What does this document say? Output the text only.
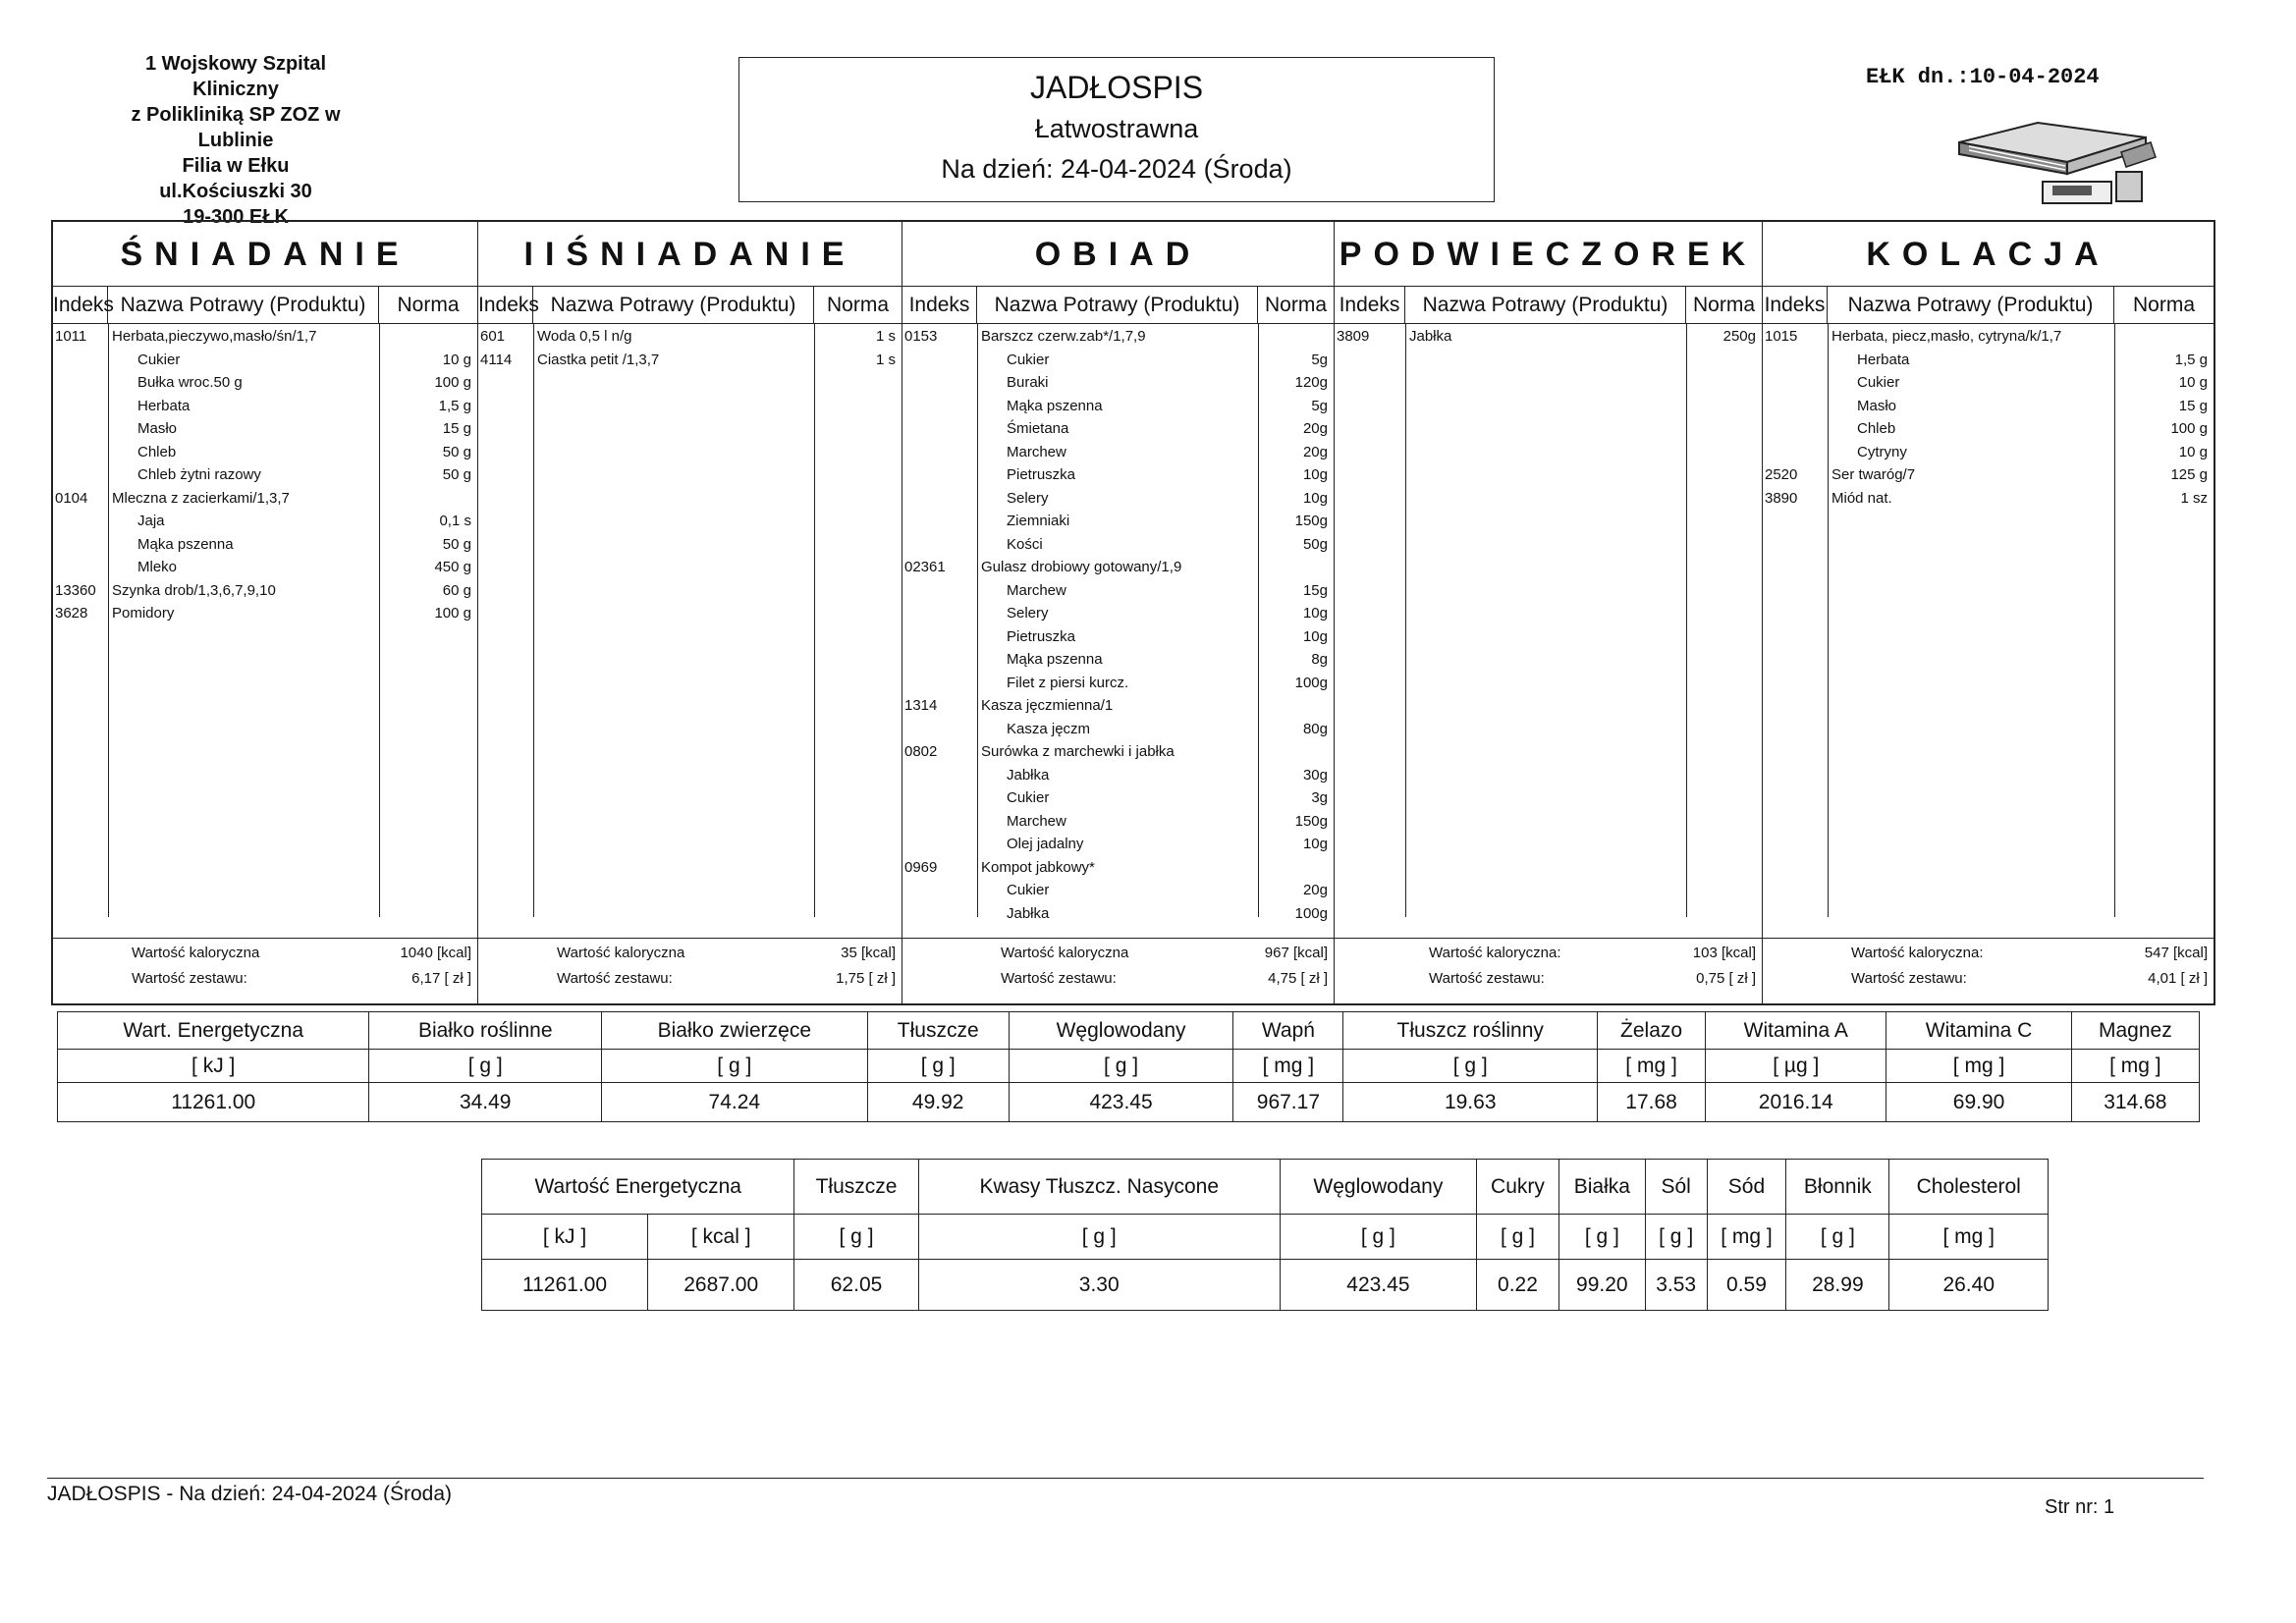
1 Wojskowy Szpital Kliniczny
z Polikliniką SP ZOZ w Lublinie
Filia w Ełku
ul.Kościuszki 30
19-300 EŁK
JADŁOSPIS
Łatwostrawna
Na dzień: 24-04-2024 (Środa)
EŁK dn.:10-04-2024
ŚNIADANIE
Indeks Nazwa Potrawy (Produktu)	Norma
1011 Herbata,pieczywo,masło/śn/1,7
Cukier	10 g
Bułka wroc.50 g	100 g
Herbata	1,5 g
Masło	15 g
Chleb	50 g
Chleb żytni razowy	50 g
0104 Mleczna z zacierkami/1,3,7
Jaja	0,1 s
Mąka pszenna	50 g
Mleko	450 g
13360 Szynka drob/1,3,6,7,9,10	60 g
3628 Pomidory	100 g
Wartość kaloryczna	1040 [kcal]
Wartość zestawu:	6,17 [ zł ]
IIŚNIADANIE
Indeks Nazwa Potrawy (Produktu)	Norma
601 Woda 0,5 l n/g	1 s
4114 Ciastka petit /1,3,7	1 s
Wartość kaloryczna	35 [kcal]
Wartość zestawu:	1,75 [ zł ]
OBIAD
Indeks	Nazwa Potrawy (Produktu)	Norma
0153	Barszcz czerw.zab*/1,7,9
Cukier	5g
Buraki	120g
Mąka pszenna	5g
Śmietana	20g
Marchew	20g
Pietruszka	10g
Selery	10g
Ziemniaki	150g
Kości	50g
02361 Gulasz drobiowy gotowany/1,9
Marchew	15g
Selery	10g
Pietruszka	10g
Mąka pszenna	8g
Filet z piersi kurcz.	100g
1314	Kasza jęczmienna/1
Kasza jęczm	80g
0802	Surówka z marchewki i jabłka
Jabłka	30g
Cukier	3g
Marchew	150g
Olej jadalny	10g
0969	Kompot jabkowy*
Cukier	20g
Jabłka	100g
Wartość kaloryczna	967 [kcal]
Wartość zestawu:	4,75 [ zł ]
PODWIECZOREK
Indeks	Nazwa Potrawy (Produktu)	Norma
3809	Jabłka	250g
Wartość kaloryczna:	103 [kcal]
Wartość zestawu:	0,75 [ zł ]
KOLACJA
Indeks	Nazwa Potrawy (Produktu)	Norma
1015 Herbata, piecz,masło, cytryna/k/1,7
Herbata	1,5 g
Cukier	10 g
Masło	15 g
Chleb	100 g
Cytryny	10 g
2520 Ser twaróg/7	125 g
3890 Miód nat.	1 sz
Wartość kaloryczna:	547 [kcal]
Wartość zestawu:	4,01 [ zł ]
Wart. Energetyczna	Białko roślinne	Białko zwierzęce	Tłuszcze	Węglowodany	Wapń	Tłuszcz roślinny	Żelazo	Witamina A	Witamina C	Magnez
[ kJ ]	[ g ]	[ g ]	[ g ]	[ g ]	[ mg ]	[ g ]	[ mg ]	[ µg ]	[ mg ]	[ mg ]
11261.00	34.49	74.24	49.92	423.45	967.17	19.63	17.68	2016.14	69.90	314.68
Wartość Energetyczna		Tłuszcze	Kwasy Tłuszcz. Nasycone	Węglowodany	Cukry	Białka	Sól	Sód	Błonnik	Cholesterol
[ kJ ]	[ kcal ]	[ g ]	[ g ]	[ g ]	[ g ]	[ g ]	[ g ]	[ mg ]	[ g ]	[ mg ]
11261.00	2687.00	62.05	3.30	423.45	0.22	99.20	3.53	0.59	28.99	26.40
JADŁOSPIS - Na dzień: 24-04-2024 (Środa)
Str nr: 1
